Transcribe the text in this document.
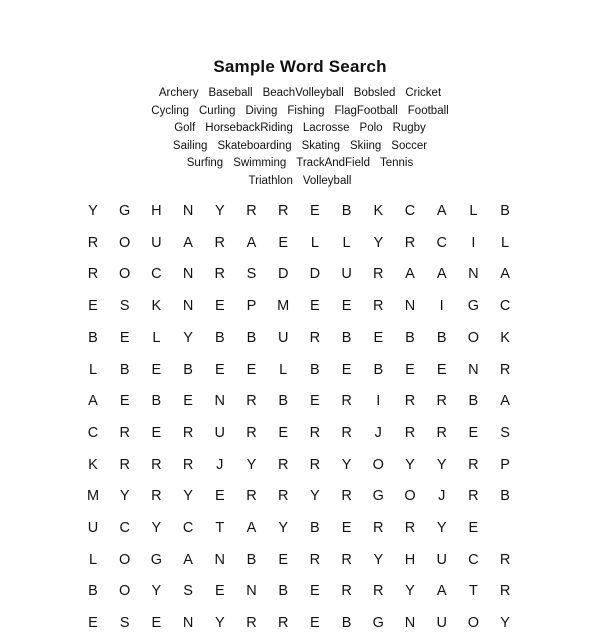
Sample Word Search
Archery Baseball BeachVolleyball Bobsled Cricket
Cycling Curling Diving Fishing FlagFootball Football
Golf HorsebackRiding Lacrosse Polo Rugby
Sailing Skateboarding Skating Skiing Soccer
Surfing Swimming TrackAndField Tennis
Triathlon Volleyball
Y	G	H	N	Y	R	R	E	B	K	C	A	L	B
R	O	U	A	R	A	E	L	L	Y	R	C	I	L
R	O	C	N	R	S	D	D	U	R	A	A	N	A
E	S	K	N	E	P	M	E	E	R	N	I	G	C
B	E	L	Y	B	B	U	R	B	E	B	B	O	K
L	B	E	B	E	E	L	B	E	B	E	E	N	R
A	E	B	E	N	R	B	E	R	I	R	R	B	A
C	R	E	R	U	R	E	R	R	J	R	R	E	S
K	R	R	R	J	Y	R	R	Y	O	Y	Y	R	P
M	Y	R	Y	E	R	R	Y	R	G	O	J	R	B
U	C	Y	C	T	A	Y	B	E	R	R	Y	E
L	O	G	A	N	B	E	R	R	Y	H	U	C	R
B	O	Y	S	E	N	B	E	R	R	Y	A	T	R
E	S	E	N	Y	R	R	E	B	G	N	U	O	Y
